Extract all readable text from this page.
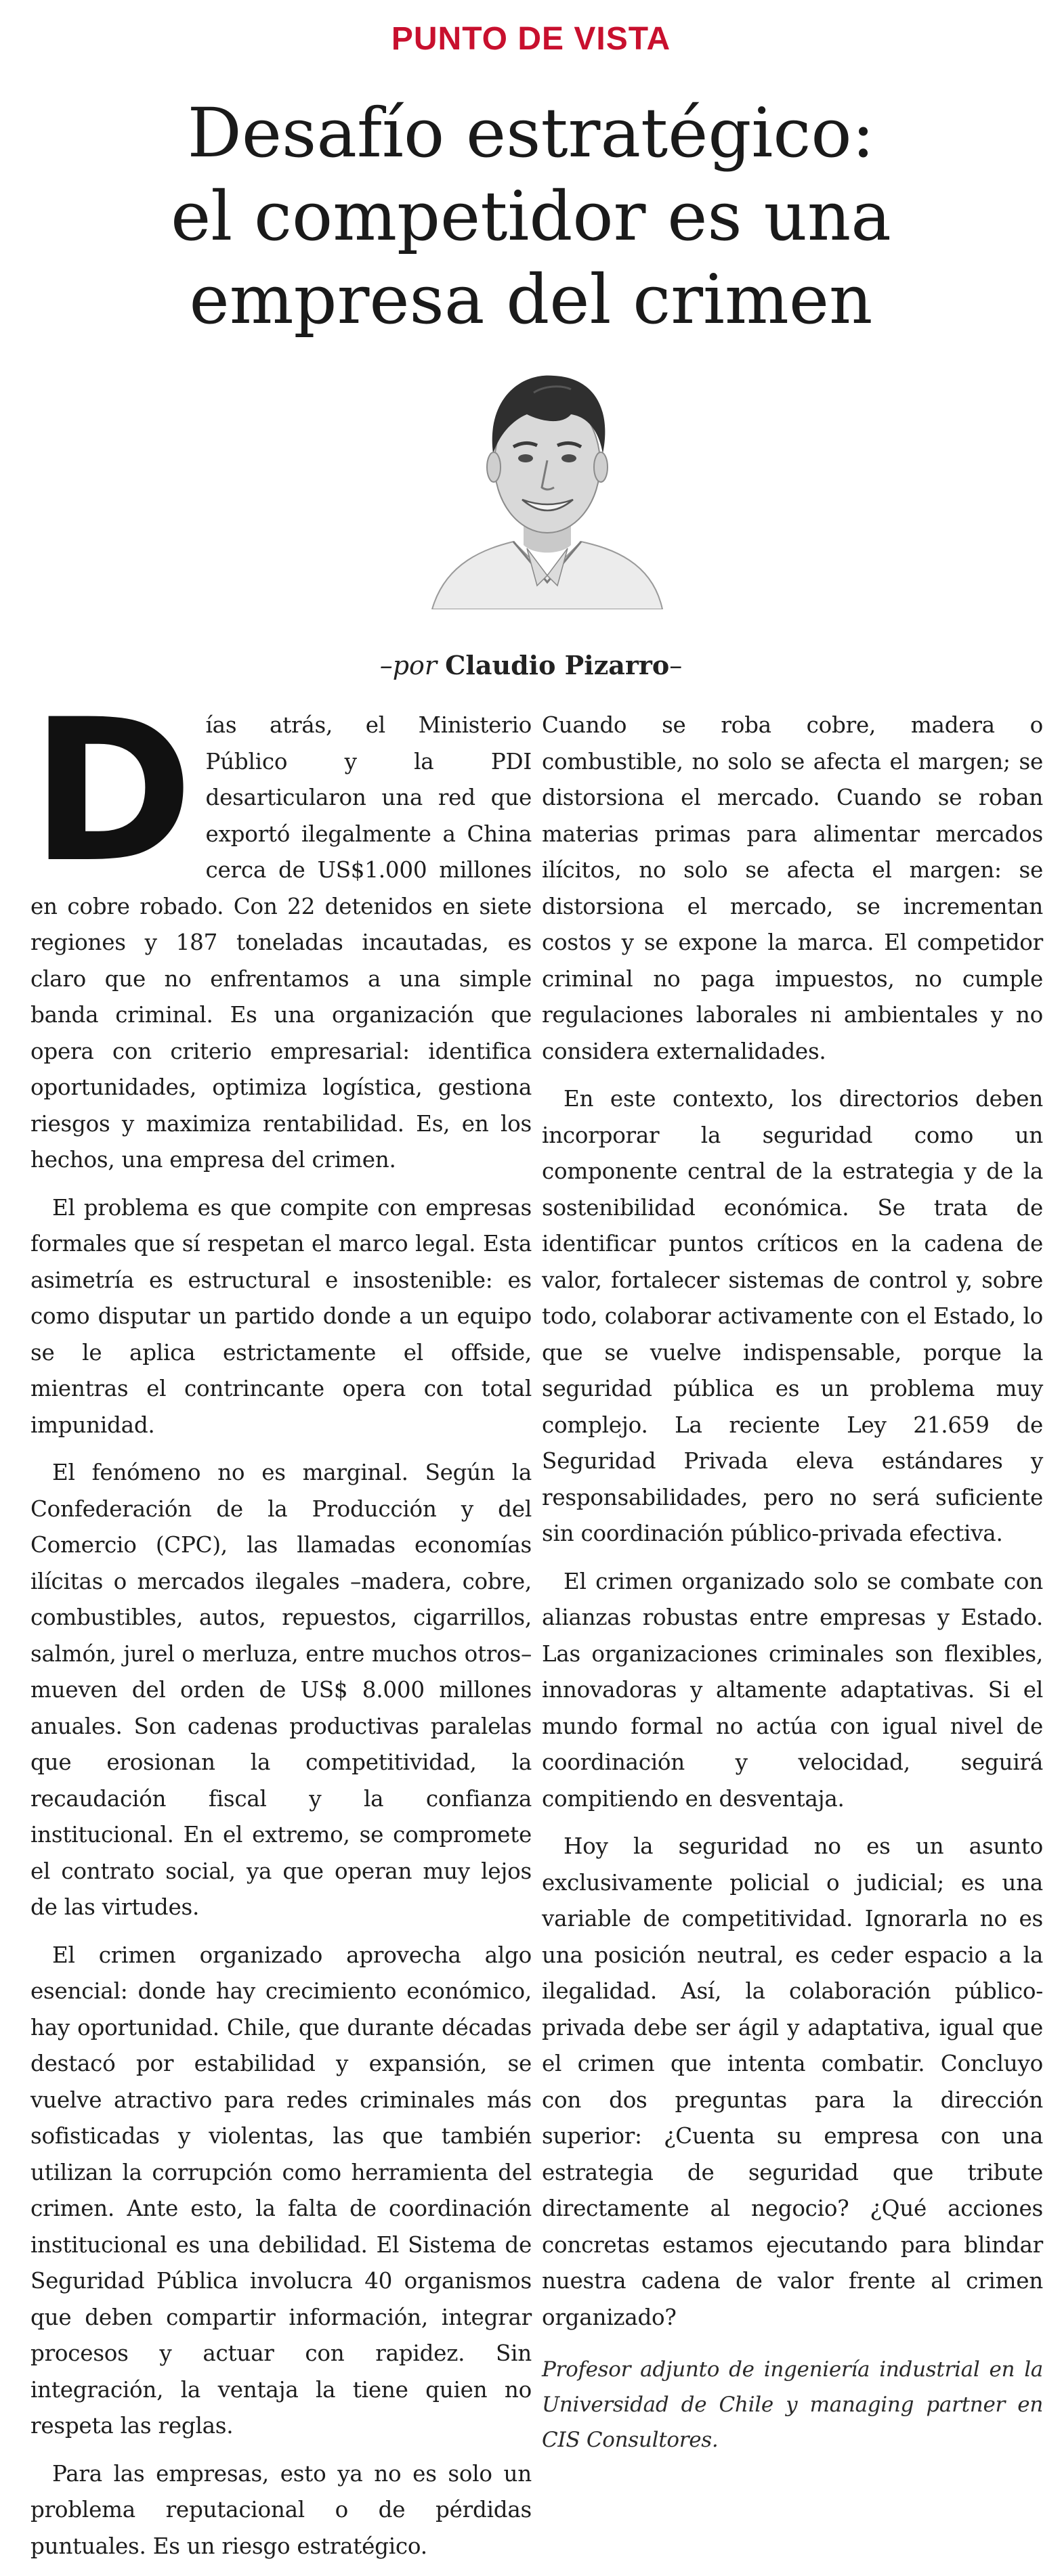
PUNTO DE VISTA
Desafío estratégico:
el competidor es una
empresa del crimen
–por Claudio Pizarro–

Días atrás, el Ministerio Público y la PDI desarticularon una red que exportó ilegalmente a China cerca de US$1.000 millones en cobre robado. Con 22 detenidos en siete regiones y 187 toneladas incautadas, es claro que no enfrentamos a una simple banda criminal. Es una organización que opera con criterio empresarial: identifica oportunidades, optimiza logística, gestiona riesgos y maximiza rentabilidad. Es, en los hechos, una empresa del crimen.

El problema es que compite con empresas formales que sí respetan el marco legal. Esta asimetría es estructural e insostenible: es como disputar un partido donde a un equipo se le aplica estrictamente el offside, mientras el contrincante opera con total impunidad.

El fenómeno no es marginal. Según la Confederación de la Producción y del Comercio (CPC), las llamadas economías ilícitas o mercados ilegales –madera, cobre, combustibles, autos, repuestos, cigarrillos, salmón, jurel o merluza, entre muchos otros– mueven del orden de US$ 8.000 millones anuales. Son cadenas productivas paralelas que erosionan la competitividad, la recaudación fiscal y la confianza institucional. En el extremo, se compromete el contrato social, ya que operan muy lejos de las virtudes.

El crimen organizado aprovecha algo esencial: donde hay crecimiento económico, hay oportunidad. Chile, que durante décadas destacó por estabilidad y expansión, se vuelve atractivo para redes criminales más sofisticadas y violentas, las que también utilizan la corrupción como herramienta del crimen. Ante esto, la falta de coordinación institucional es una debilidad. El Sistema de Seguridad Pública involucra 40 organismos que deben compartir información, integrar procesos y actuar con rapidez. Sin integración, la ventaja la tiene quien no respeta las reglas.

Para las empresas, esto ya no es solo un problema reputacional o de pérdidas puntuales. Es un riesgo estratégico.

Cuando se roba cobre, madera o combustible, no solo se afecta el margen; se distorsiona el mercado. Cuando se roban materias primas para alimentar mercados ilícitos, no solo se afecta el margen: se distorsiona el mercado, se incrementan costos y se expone la marca. El competidor criminal no paga impuestos, no cumple regulaciones laborales ni ambientales y no considera externalidades.

En este contexto, los directorios deben incorporar la seguridad como un componente central de la estrategia y de la sostenibilidad económica. Se trata de identificar puntos críticos en la cadena de valor, fortalecer sistemas de control y, sobre todo, colaborar activamente con el Estado, lo que se vuelve indispensable, porque la seguridad pública es un problema muy complejo. La reciente Ley 21.659 de Seguridad Privada eleva estándares y responsabilidades, pero no será suficiente sin coordinación público-privada efectiva.

El crimen organizado solo se combate con alianzas robustas entre empresas y Estado. Las organizaciones criminales son flexibles, innovadoras y altamente adaptativas. Si el mundo formal no actúa con igual nivel de coordinación y velocidad, seguirá compitiendo en desventaja.

Hoy la seguridad no es un asunto exclusivamente policial o judicial; es una variable de competitividad. Ignorarla no es una posición neutral, es ceder espacio a la ilegalidad. Así, la colaboración público-privada debe ser ágil y adaptativa, igual que el crimen que intenta combatir. Concluyo con dos preguntas para la dirección superior: ¿Cuenta su empresa con una estrategia de seguridad que tribute directamente al negocio? ¿Qué acciones concretas estamos ejecutando para blindar nuestra cadena de valor frente al crimen organizado?

Profesor adjunto de ingeniería industrial en la Universidad de Chile y managing partner en CIS Consultores.
